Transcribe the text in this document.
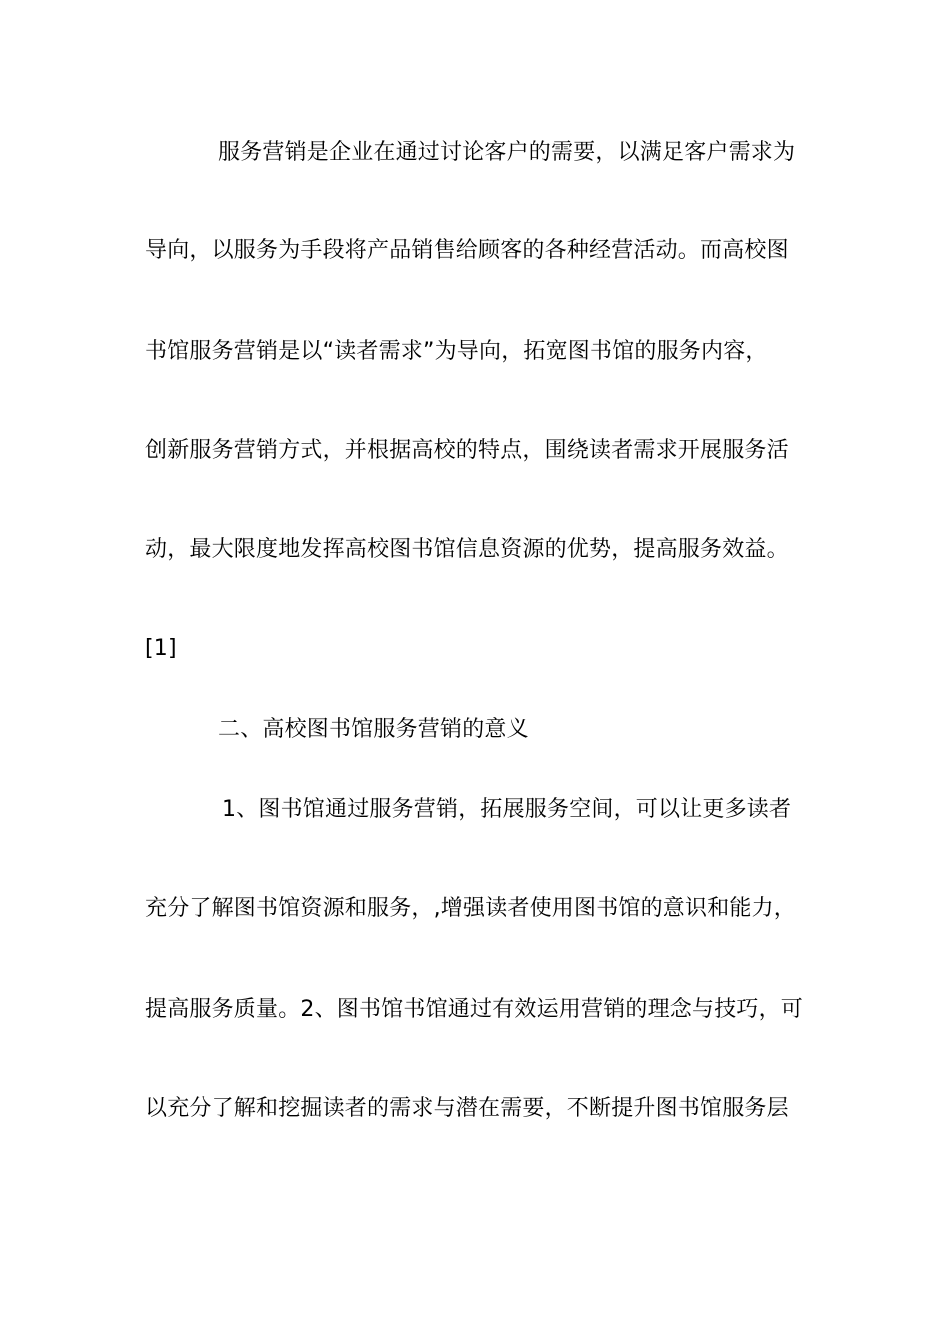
服务营销是企业在通过讨论客户的需要，以满足客户需求为
导向，以服务为手段将产品销售给顾客的各种经营活动。而高校图
书馆服务营销是以“读者需求”为导向，拓宽图书馆的服务内容，
创新服务营销方式，并根据高校的特点，围绕读者需求开展服务活
动，最大限度地发挥高校图书馆信息资源的优势，提高服务效益。
[1]
二、高校图书馆服务营销的意义
1、图书馆通过服务营销，拓展服务空间，可以让更多读者
充分了解图书馆资源和服务，,增强读者使用图书馆的意识和能力，
提高服务质量。2、图书馆书馆通过有效运用营销的理念与技巧，可
以充分了解和挖掘读者的需求与潜在需要，不断提升图书馆服务层
